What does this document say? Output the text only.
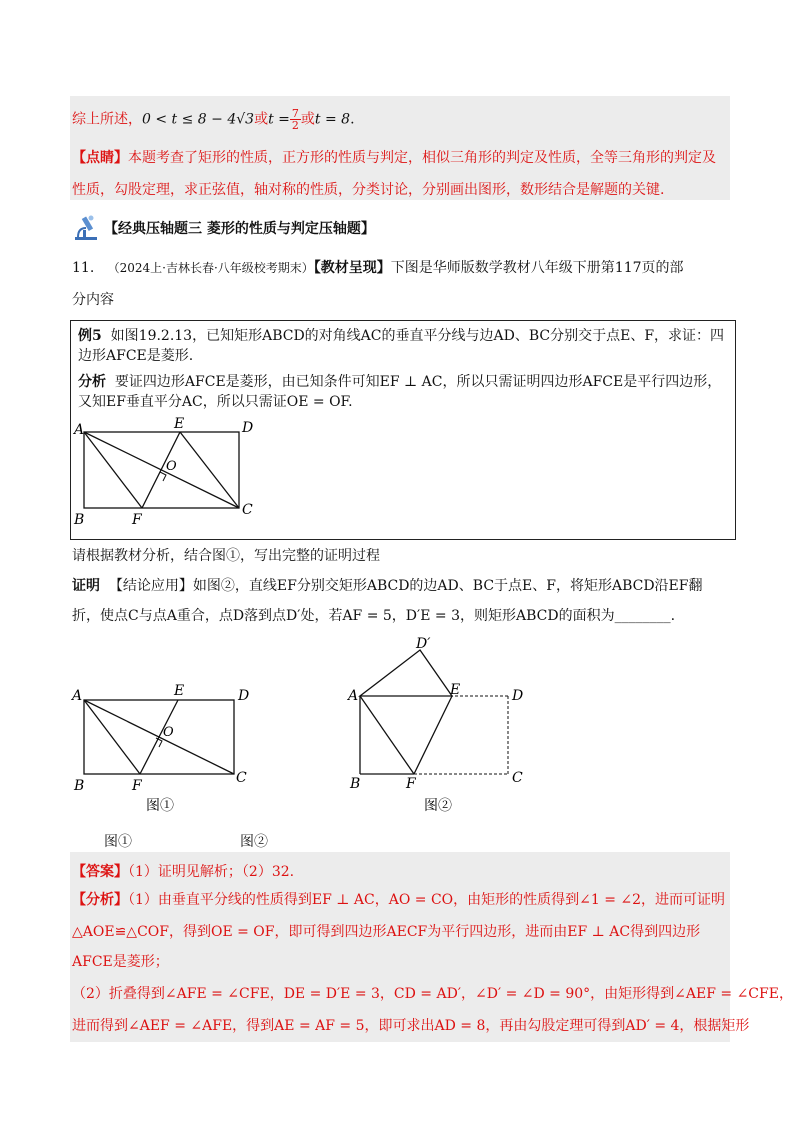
综上所述，0 < t ≤ 8 − 4√3或$t = \frac{7}{2}$ 或t = 8.
【点睛】本题考查了矩形的性质，正方形的性质与判定，相似三角形的判定及性质，全等三角形的判定及
性质，勾股定理，求正弦值，轴对称的性质，分类讨论，分别画出图形，数形结合是解题的关键.
【经典压轴题三 菱形的性质与判定压轴题】
11. （2024上·吉林长春·八年级校考期末）【教材呈现】下图是华师版数学教材八年级下册第117页的部
分内容
例5 如图19.2.13，已知矩形ABCD的对角线AC的垂直平分线与边AD、BC分别交于点E、F，求证：四
边形AFCE是菱形.
分析 要证四边形AFCE是菱形，由已知条件可知EF ⊥ AC，所以只需证明四边形AFCE是平行四边形，
又知EF垂直平分AC，所以只需证OE = OF.
A	E	D
O
B	F
C
请根据教材分析，结合图①，写出完整的证明过程
证明 【结论应用】如图②，直线EF分别交矩形ABCD的边AD、BC于点E、F，将矩形ABCD沿EF翻
折，使点C与点A重合，点D落到点D′处，若AF = 5，D′E = 3，则矩形ABCD的面积为________.
A	E	D
O
B	F	C
图①
D′
A	E	D
B	F	C
图②
图①	图②
【答案】（1）证明见解析；（2）32.
【分析】（1）由垂直平分线的性质得到EF ⊥ AC，AO = CO，由矩形的性质得到∠1 = ∠2，进而可证明
△AOE≌△COF，得到OE = OF，即可得到四边形AECF为平行四边形，进而由EF ⊥ AC得到四边形
AFCE是菱形；
（2）折叠得到∠AFE = ∠CFE，DE = D′E = 3，CD = AD′，∠D′ = ∠D = 90°，由矩形得到∠AEF = ∠CFE，
进而得到∠AEF = ∠AFE，得到AE = AF = 5，即可求出AD = 8，再由勾股定理可得到AD′ = 4，根据矩形
